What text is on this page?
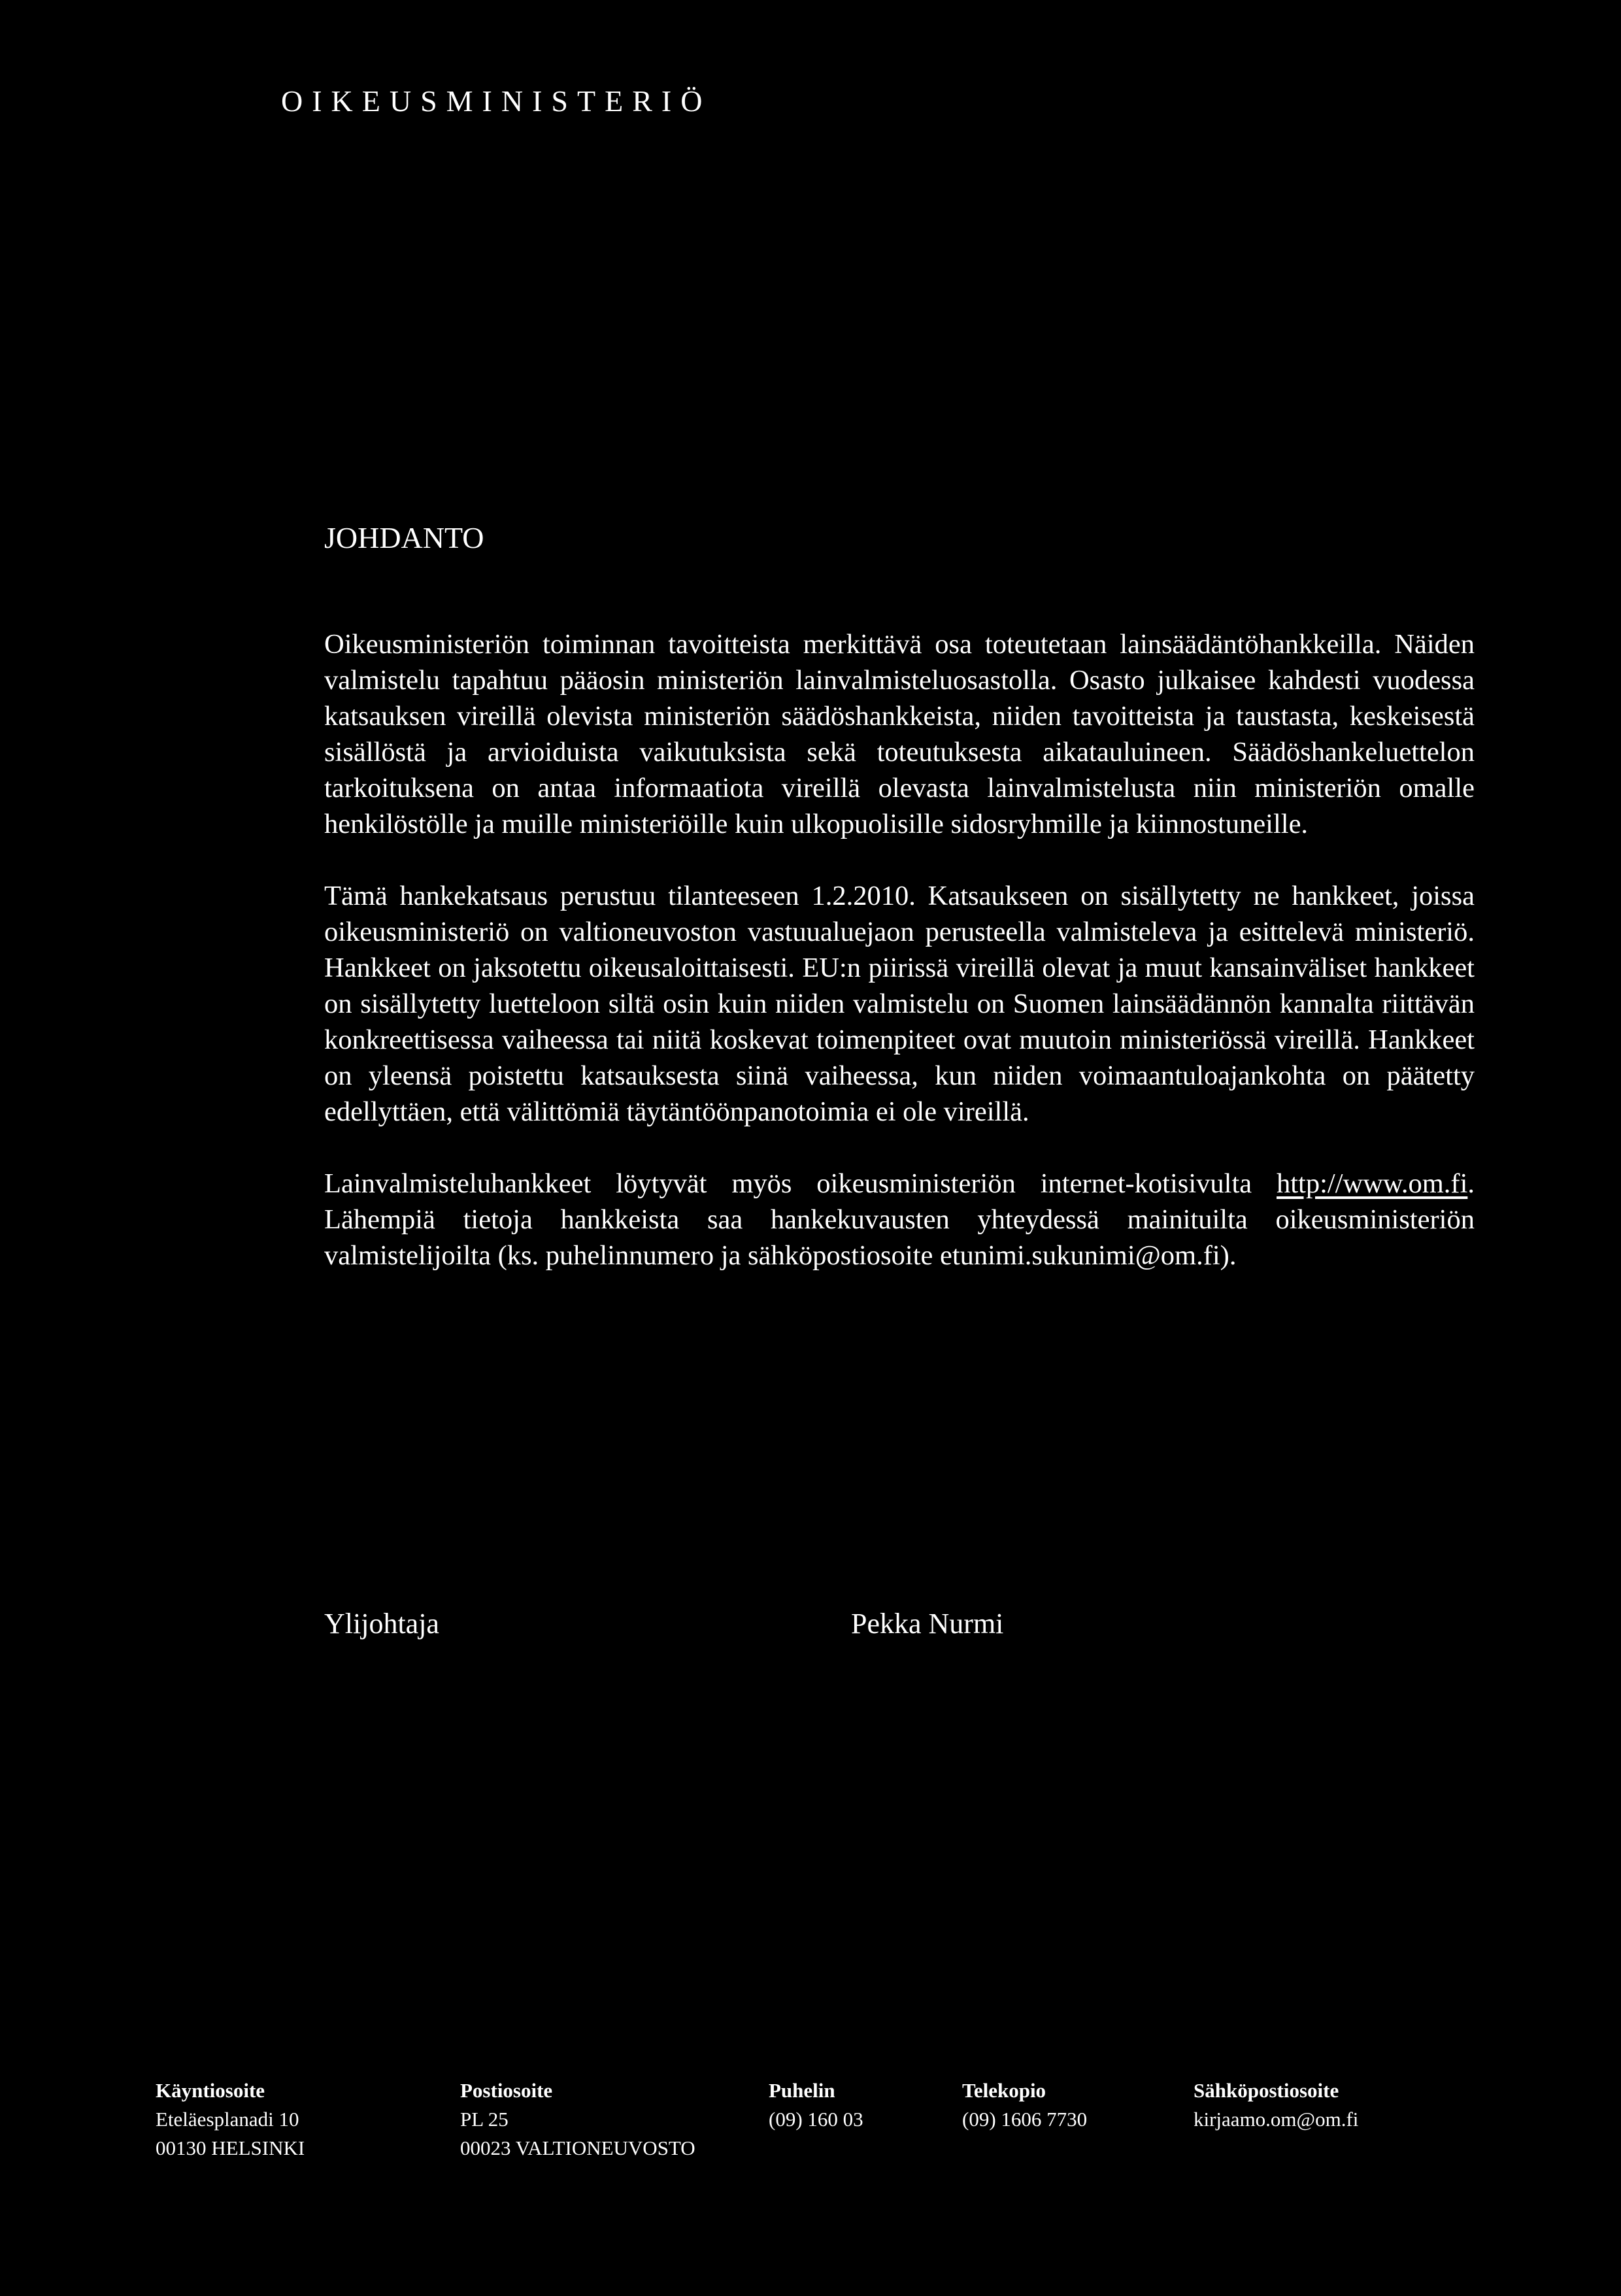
OIKEUSMINISTERIÖ
JOHDANTO

Oikeusministeriön toiminnan tavoitteista merkittävä osa toteutetaan lainsäädäntöhankkeilla. Näiden valmistelu tapahtuu pääosin ministeriön lainvalmisteluosastolla. Osasto julkaisee kahdesti vuodessa katsauksen vireillä olevista ministeriön säädöshankkeista, niiden tavoitteista ja taustasta, keskeisestä sisällöstä ja arvioiduista vaikutuksista sekä toteutuksesta aikatauluineen. Säädöshankeluettelon tarkoituksena on antaa informaatiota vireillä olevasta lainvalmistelusta niin ministeriön omalle henkilöstölle ja muille ministeriöille kuin ulkopuolisille sidosryhmille ja kiinnostuneille.

Tämä hankekatsaus perustuu tilanteeseen 1.2.2010. Katsaukseen on sisällytetty ne hankkeet, joissa oikeusministeriö on valtioneuvoston vastuualuejaon perusteella valmisteleva ja esittelevä ministeriö. Hankkeet on jaksotettu oikeusaloittaisesti. EU:n piirissä vireillä olevat ja muut kansainväliset hankkeet on sisällytetty luetteloon siltä osin kuin niiden valmistelu on Suomen lainsäädännön kannalta riittävän konkreettisessa vaiheessa tai niitä koskevat toimenpiteet ovat muutoin ministeriössä vireillä. Hankkeet on yleensä poistettu katsauksesta siinä vaiheessa, kun niiden voimaantuloajankohta on päätetty edellyttäen, että välittömiä täytäntöönpanotoimia ei ole vireillä.

Lainvalmisteluhankkeet löytyvät myös oikeusministeriön internet-kotisivulta http://www.om.fi. Lähempiä tietoja hankkeista saa hankekuvausten yhteydessä mainituilta oikeusministeriön valmistelijoilta (ks. puhelinnumero ja sähköpostiosoite etunimi.sukunimi@om.fi).

Ylijohtaja	Pekka Nurmi
Käyntiosoite
Eteläesplanadi 10
00130 HELSINKI
Postiosoite
PL 25
00023 VALTIONEUVOSTO
Puhelin
(09) 160 03
Telekopio
(09) 1606 7730
Sähköpostiosoite
kirjaamo.om@om.fi
